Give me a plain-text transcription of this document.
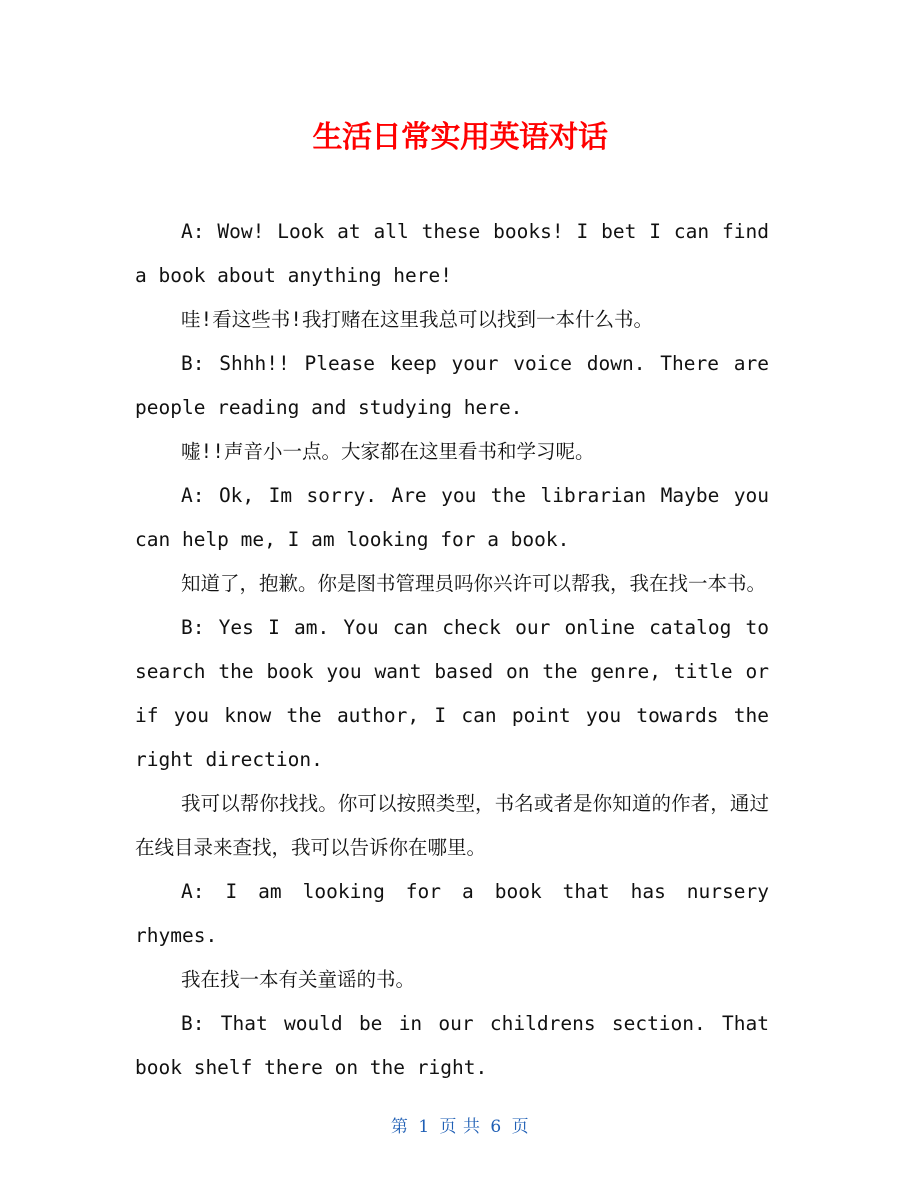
生活日常实用英语对话

A: Wow! Look at all these books! I bet I can find a book about anything here!

哇!看这些书!我打赌在这里我总可以找到一本什么书。

B: Shhh!! Please keep your voice down. There are people reading and studying here.

嘘!!声音小一点。大家都在这里看书和学习呢。

A: Ok, Im sorry. Are you the librarian Maybe you can help me, I am looking for a book.

知道了，抱歉。你是图书管理员吗你兴许可以帮我，我在找一本书。

B: Yes I am. You can check our online catalog to search the book you want based on the genre, title or if you know the author, I can point you towards the right direction.

我可以帮你找找。你可以按照类型，书名或者是你知道的作者，通过在线目录来查找，我可以告诉你在哪里。

A: I am looking for a book that has nursery rhymes.

我在找一本有关童谣的书。

B: That would be in our childrens section. That book shelf there on the right.

第 1 页 共 6 页
